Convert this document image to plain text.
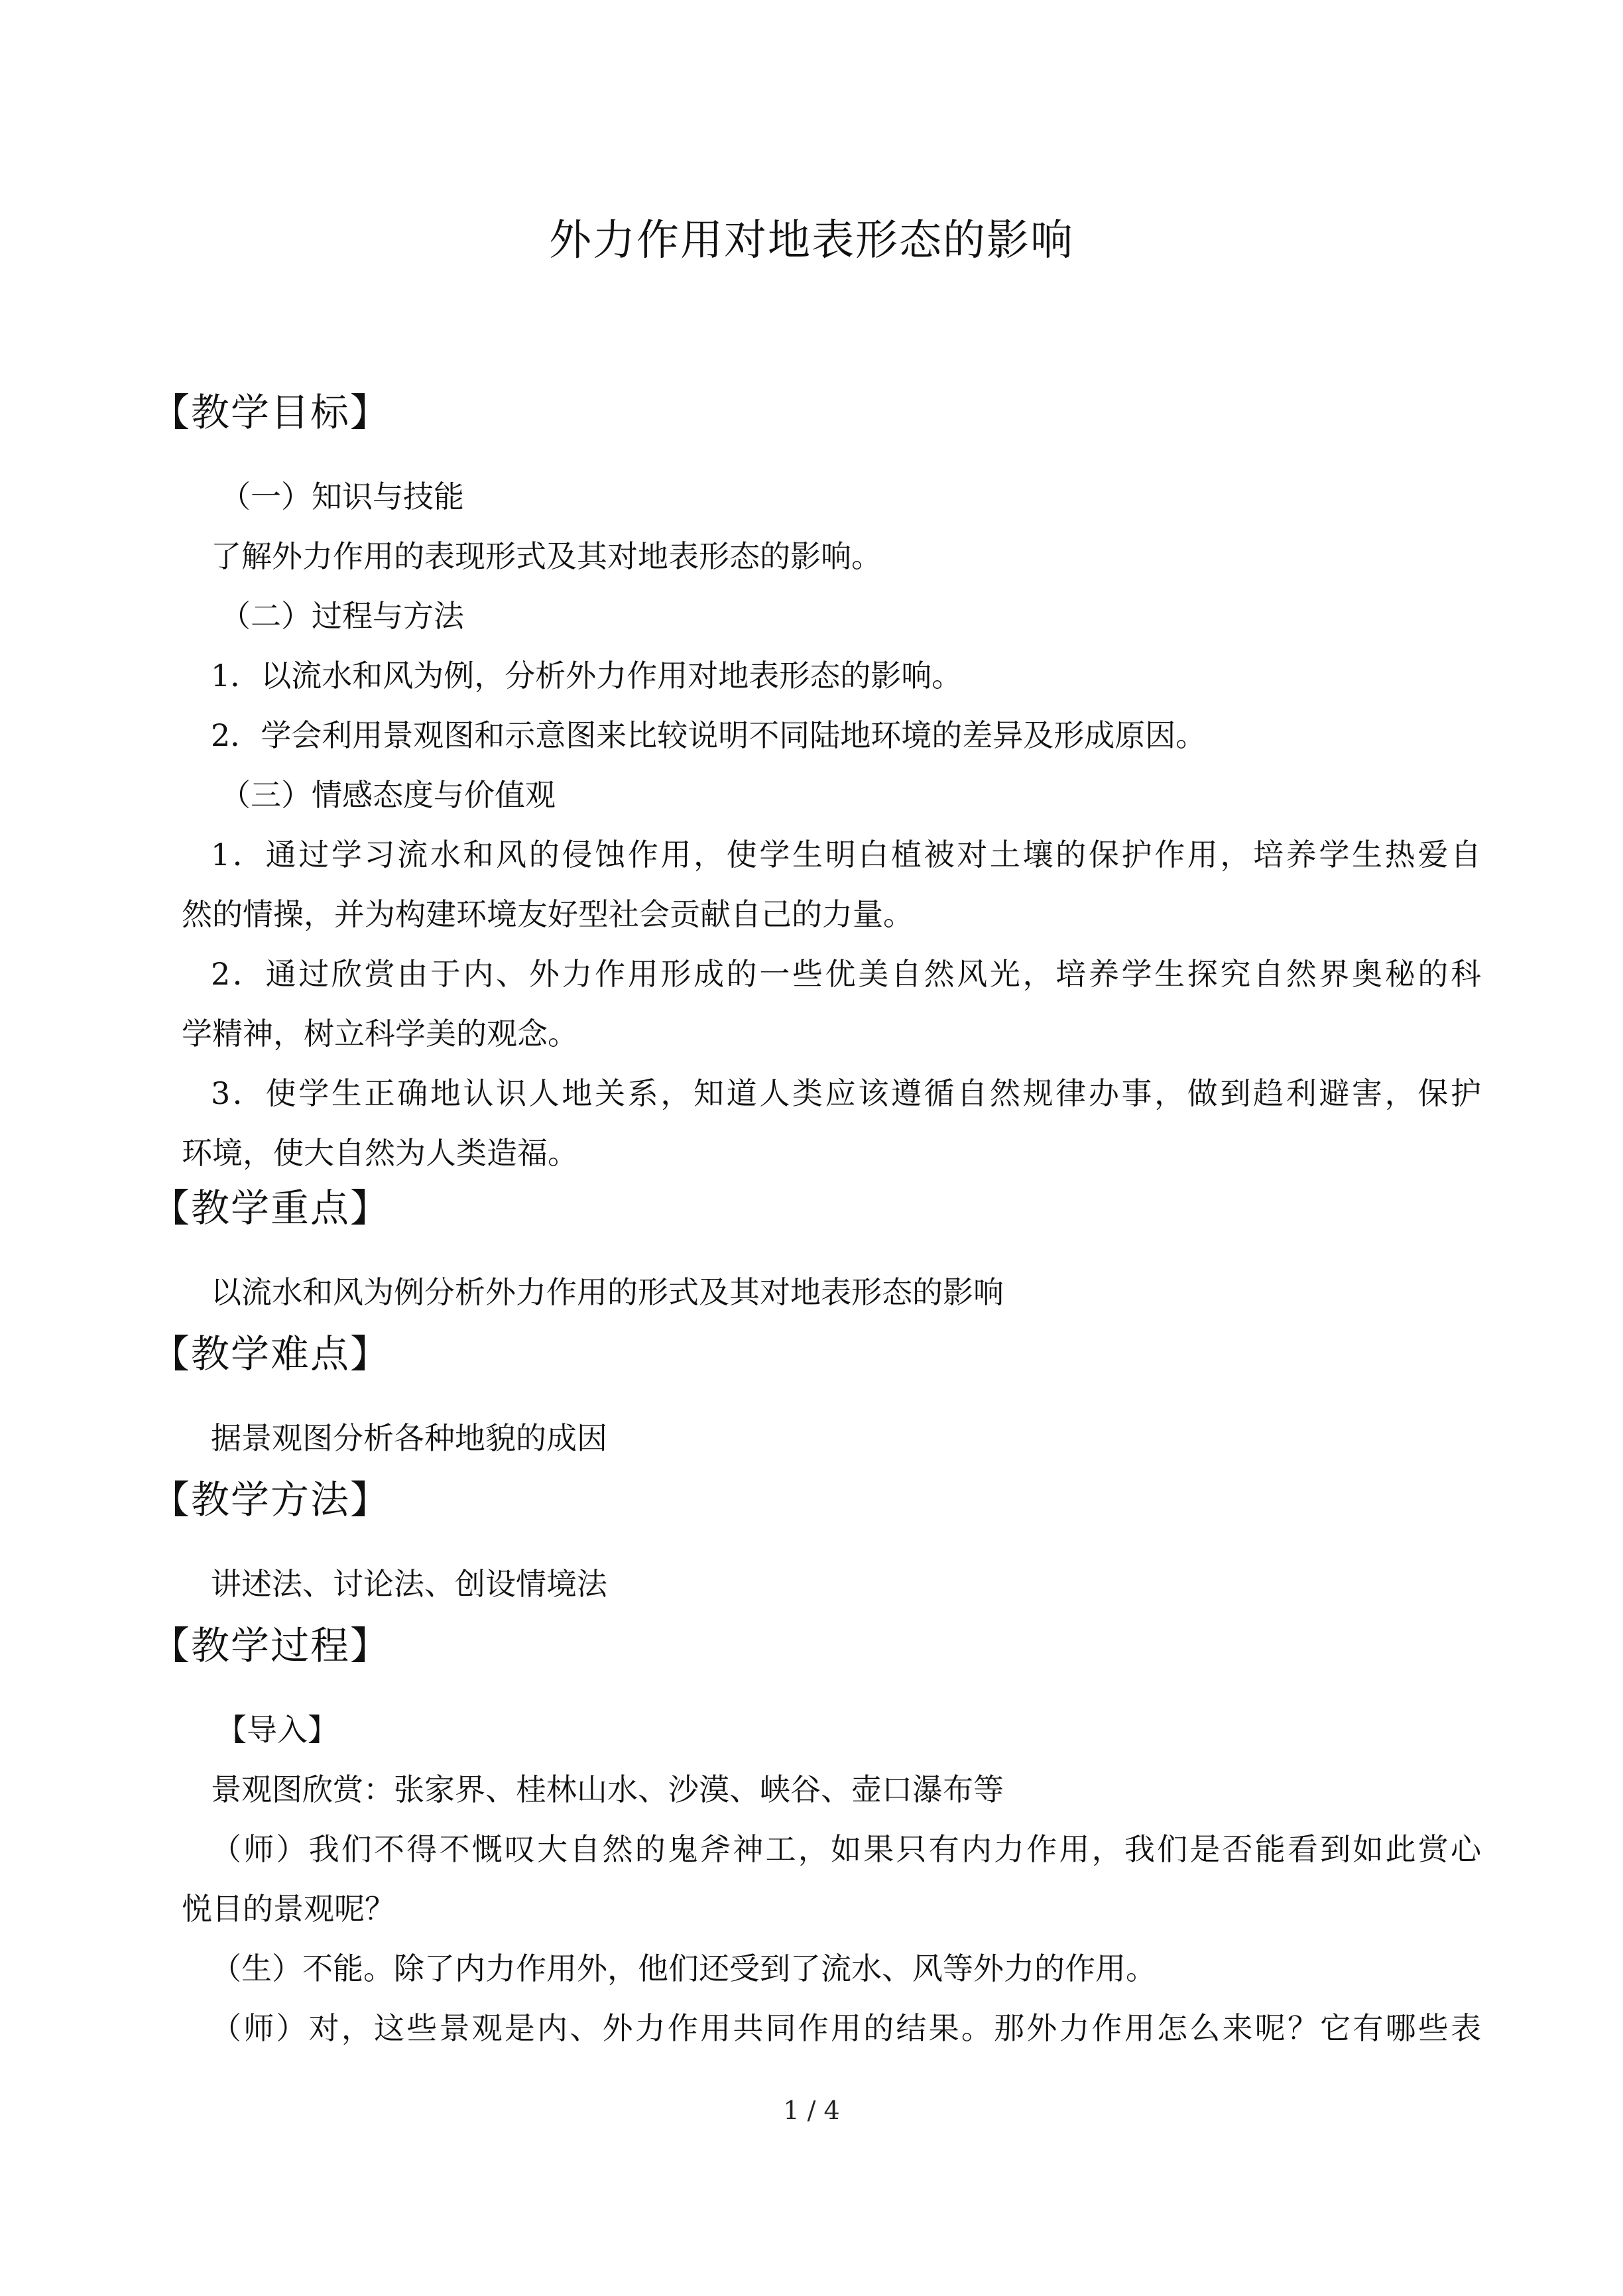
外力作用对地表形态的影响
【教学目标】
（一）知识与技能
了解外力作用的表现形式及其对地表形态的影响。
（二）过程与方法
1．以流水和风为例，分析外力作用对地表形态的影响。
2．学会利用景观图和示意图来比较说明不同陆地环境的差异及形成原因。
（三）情感态度与价值观
1．通过学习流水和风的侵蚀作用，使学生明白植被对土壤的保护作用，培养学生热爱自
然的情操，并为构建环境友好型社会贡献自己的力量。
2．通过欣赏由于内、外力作用形成的一些优美自然风光，培养学生探究自然界奥秘的科
学精神，树立科学美的观念。
3．使学生正确地认识人地关系，知道人类应该遵循自然规律办事，做到趋利避害，保护
环境，使大自然为人类造福。
【教学重点】
以流水和风为例分析外力作用的形式及其对地表形态的影响
【教学难点】
据景观图分析各种地貌的成因
【教学方法】
讲述法、讨论法、创设情境法
【教学过程】
【导入】
景观图欣赏：张家界、桂林山水、沙漠、峡谷、壶口瀑布等
（师）我们不得不慨叹大自然的鬼斧神工，如果只有内力作用，我们是否能看到如此赏心
悦目的景观呢？
（生）不能。除了内力作用外，他们还受到了流水、风等外力的作用。
（师）对，这些景观是内、外力作用共同作用的结果。那外力作用怎么来呢？它有哪些表
1 / 4
